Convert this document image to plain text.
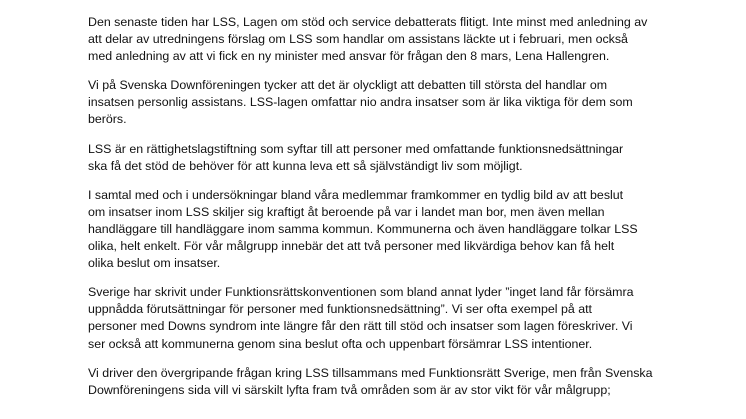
Den senaste tiden har LSS, Lagen om stöd och service debatterats flitigt. Inte minst med anledning av
att delar av utredningens förslag om LSS som handlar om assistans läckte ut i februari, men också
med anledning av att vi fick en ny minister med ansvar för frågan den 8 mars, Lena Hallengren.

Vi på Svenska Downföreningen tycker att det är olyckligt att debatten till största del handlar om
insatsen personlig assistans. LSS-lagen omfattar nio andra insatser som är lika viktiga för dem som
berörs.

LSS är en rättighetslagstiftning som syftar till att personer med omfattande funktionsnedsättningar
ska få det stöd de behöver för att kunna leva ett så självständigt liv som möjligt.

I samtal med och i undersökningar bland våra medlemmar framkommer en tydlig bild av att beslut
om insatser inom LSS skiljer sig kraftigt åt beroende på var i landet man bor, men även mellan
handläggare till handläggare inom samma kommun. Kommunerna och även handläggare tolkar LSS
olika, helt enkelt. För vår målgrupp innebär det att två personer med likvärdiga behov kan få helt
olika beslut om insatser.

Sverige har skrivit under Funktionsrättskonventionen som bland annat lyder ”inget land får försämra
uppnådda förutsättningar för personer med funktionsnedsättning”. Vi ser ofta exempel på att
personer med Downs syndrom inte längre får den rätt till stöd och insatser som lagen föreskriver. Vi
ser också att kommunerna genom sina beslut ofta och uppenbart försämrar LSS intentioner.

Vi driver den övergripande frågan kring LSS tillsammans med Funktionsrätt Sverige, men från Svenska
Downföreningens sida vill vi särskilt lyfta fram två områden som är av stor vikt för vår målgrupp;
